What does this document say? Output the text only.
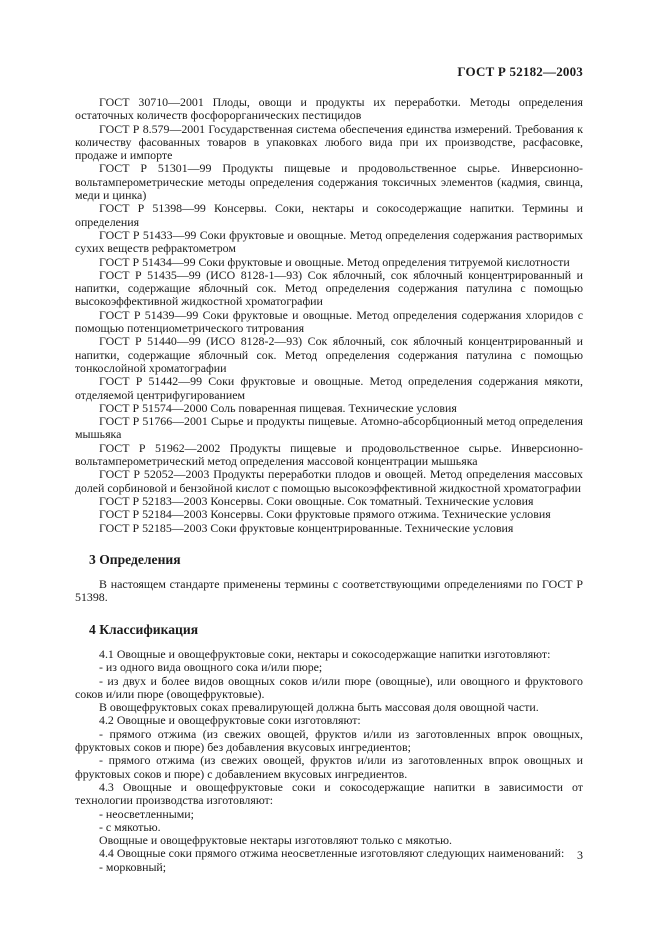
ГОСТ Р 52182—2003

ГОСТ 30710—2001 Плоды, овощи и продукты их переработки. Методы определения остаточных количеств фосфорорганических пестицидов

ГОСТ Р 8.579—2001 Государственная система обеспечения единства измерений. Требования к количеству фасованных товаров в упаковках любого вида при их производстве, расфасовке, продаже и импорте

ГОСТ Р 51301—99 Продукты пищевые и продовольственное сырье. Инверсионно-вольтамперометрические методы определения содержания токсичных элементов (кадмия, свинца, меди и цинка)

ГОСТ Р 51398—99 Консервы. Соки, нектары и сокосодержащие напитки. Термины и определения

ГОСТ Р 51433—99 Соки фруктовые и овощные. Метод определения содержания растворимых сухих веществ рефрактометром

ГОСТ Р 51434—99 Соки фруктовые и овощные. Метод определения титруемой кислотности

ГОСТ Р 51435—99 (ИСО 8128-1—93) Сок яблочный, сок яблочный концентрированный и напитки, содержащие яблочный сок. Метод определения содержания патулина с помощью высокоэффективной жидкостной хроматографии

ГОСТ Р 51439—99 Соки фруктовые и овощные. Метод определения содержания хлоридов с помощью потенциометрического титрования

ГОСТ Р 51440—99 (ИСО 8128-2—93) Сок яблочный, сок яблочный концентрированный и напитки, содержащие яблочный сок. Метод определения содержания патулина с помощью тонкослойной хроматографии

ГОСТ Р 51442—99 Соки фруктовые и овощные. Метод определения содержания мякоти, отделяемой центрифугированием

ГОСТ Р 51574—2000 Соль поваренная пищевая. Технические условия

ГОСТ Р 51766—2001 Сырье и продукты пищевые. Атомно-абсорбционный метод определения мышьяка

ГОСТ Р 51962—2002 Продукты пищевые и продовольственное сырье. Инверсионно-вольтамперометрический метод определения массовой концентрации мышьяка

ГОСТ Р 52052—2003 Продукты переработки плодов и овощей. Метод определения массовых долей сорбиновой и бензойной кислот с помощью высокоэффективной жидкостной хроматографии

ГОСТ Р 52183—2003 Консервы. Соки овощные. Сок томатный. Технические условия

ГОСТ Р 52184—2003 Консервы. Соки фруктовые прямого отжима. Технические условия

ГОСТ Р 52185—2003 Соки фруктовые концентрированные. Технические условия

3 Определения

В настоящем стандарте применены термины с соответствующими определениями по ГОСТ Р 51398.

4 Классификация

4.1 Овощные и овощефруктовые соки, нектары и сокосодержащие напитки изготовляют:

- из одного вида овощного сока и/или пюре;

- из двух и более видов овощных соков и/или пюре (овощные), или овощного и фруктового соков и/или пюре (овощефруктовые).

В овощефруктовых соках превалирующей должна быть массовая доля овощной части.

4.2 Овощные и овощефруктовые соки изготовляют:

- прямого отжима (из свежих овощей, фруктов и/или из заготовленных впрок овощных, фруктовых соков и пюре) без добавления вкусовых ингредиентов;

- прямого отжима (из свежих овощей, фруктов и/или из заготовленных впрок овощных и фруктовых соков и пюре) с добавлением вкусовых ингредиентов.

4.3 Овощные и овощефруктовые соки и сокосодержащие напитки в зависимости от технологии производства изготовляют:

- неосветленными;

- с мякотью.

Овощные и овощефруктовые нектары изготовляют только с мякотью.

4.4 Овощные соки прямого отжима неосветленные изготовляют следующих наименований:

- морковный;

3
